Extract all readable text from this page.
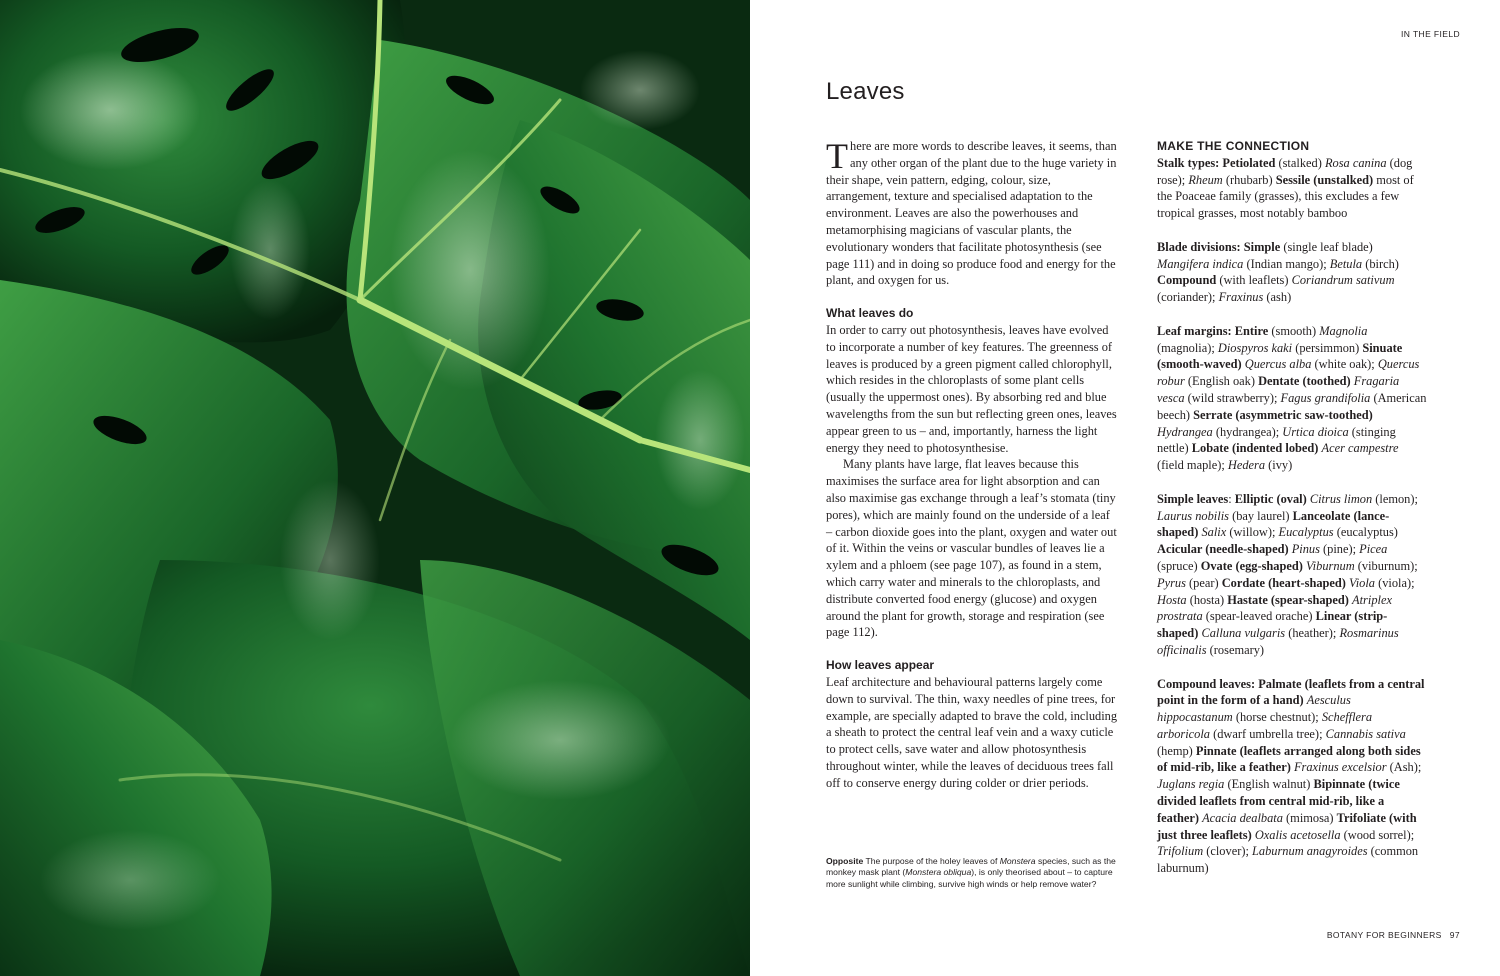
IN THE FIELD
Leaves

There are more words to describe leaves, it seems, than any other organ of the plant due to the huge variety in their shape, vein pattern, edging, colour, size, arrangement, texture and specialised adaptation to the environment. Leaves are also the powerhouses and metamorphising magicians of vascular plants, the evolutionary wonders that facilitate photosynthesis (see page 111) and in doing so produce food and energy for the plant, and oxygen for us.

What leaves do

In order to carry out photosynthesis, leaves have evolved to incorporate a number of key features. The greenness of leaves is produced by a green pigment called chlorophyll, which resides in the chloroplasts of some plant cells (usually the uppermost ones). By absorbing red and blue wavelengths from the sun but reflecting green ones, leaves appear green to us – and, importantly, harness the light energy they need to photosynthesise.

Many plants have large, flat leaves because this maximises the surface area for light absorption and can also maximise gas exchange through a leaf’s stomata (tiny pores), which are mainly found on the underside of a leaf – carbon dioxide goes into the plant, oxygen and water out of it. Within the veins or vascular bundles of leaves lie a xylem and a phloem (see page 107), as found in a stem, which carry water and minerals to the chloroplasts, and distribute converted food energy (glucose) and oxygen around the plant for growth, storage and respiration (see page 112).

How leaves appear

Leaf architecture and behavioural patterns largely come down to survival. The thin, waxy needles of pine trees, for example, are specially adapted to brave the cold, including a sheath to protect the central leaf vein and a waxy cuticle to protect cells, save water and allow photosynthesis throughout winter, while the leaves of deciduous trees fall off to conserve energy during colder or drier periods.

Opposite The purpose of the holey leaves of Monstera species, such as the monkey mask plant (Monstera obliqua), is only theorised about – to capture more sunlight while climbing, survive high winds or help remove water?

MAKE THE CONNECTION

Stalk types: Petiolated (stalked) Rosa canina (dog rose); Rheum (rhubarb) Sessile (unstalked) most of the Poaceae family (grasses), this excludes a few tropical grasses, most notably bamboo

Blade divisions: Simple (single leaf blade) Mangifera indica (Indian mango); Betula (birch) Compound (with leaflets) Coriandrum sativum (coriander); Fraxinus (ash)

Leaf margins: Entire (smooth) Magnolia (magnolia); Diospyros kaki (persimmon) Sinuate (smooth-waved) Quercus alba (white oak); Quercus robur (English oak) Dentate (toothed) Fragaria vesca (wild strawberry); Fagus grandifolia (American beech) Serrate (asymmetric saw-toothed) Hydrangea (hydrangea); Urtica dioica (stinging nettle) Lobate (indented lobed) Acer campestre (field maple); Hedera (ivy)

Simple leaves: Elliptic (oval) Citrus limon (lemon); Laurus nobilis (bay laurel) Lanceolate (lance-shaped) Salix (willow); Eucalyptus (eucalyptus) Acicular (needle-shaped) Pinus (pine); Picea (spruce) Ovate (egg-shaped) Viburnum (viburnum); Pyrus (pear) Cordate (heart-shaped) Viola (viola); Hosta (hosta) Hastate (spear-shaped) Atriplex prostrata (spear-leaved orache) Linear (strip-shaped) Calluna vulgaris (heather); Rosmarinus officinalis (rosemary)

Compound leaves: Palmate (leaflets from a central point in the form of a hand) Aesculus hippocastanum (horse chestnut); Schefflera arboricola (dwarf umbrella tree); Cannabis sativa (hemp) Pinnate (leaflets arranged along both sides of mid-rib, like a feather) Fraxinus excelsior (Ash); Juglans regia (English walnut) Bipinnate (twice divided leaflets from central mid-rib, like a feather) Acacia dealbata (mimosa) Trifoliate (with just three leaflets) Oxalis acetosella (wood sorrel); Trifolium (clover); Laburnum anagyroides (common laburnum)

BOTANY FOR BEGINNERS 97
